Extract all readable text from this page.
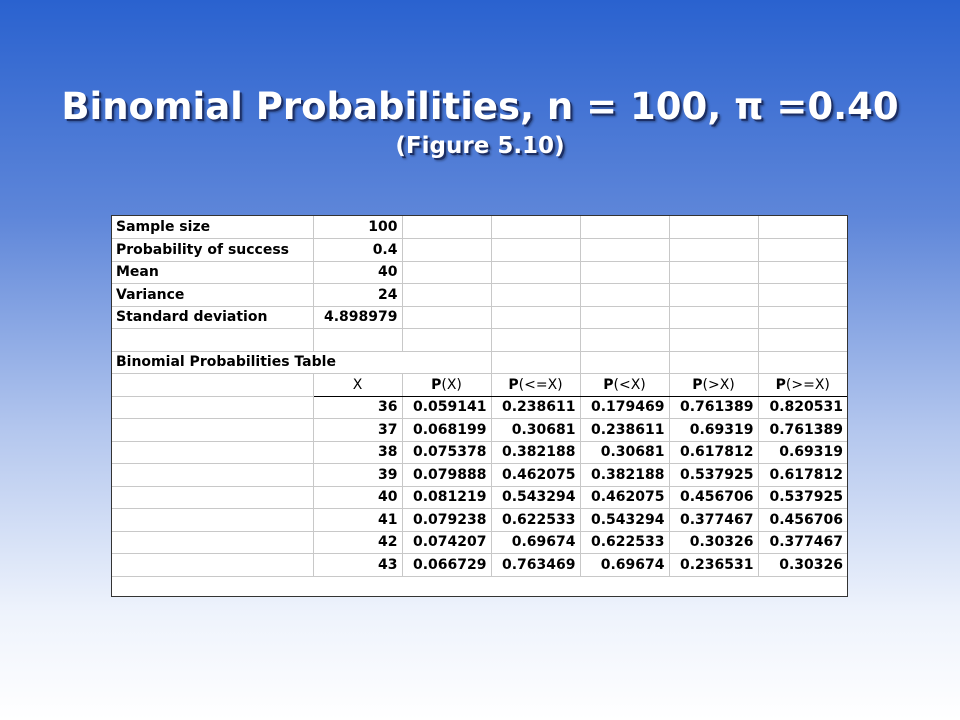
Binomial Probabilities, n = 100, π =0.40
(Figure 5.10)
Sample size	100					
Probability of success	0.4					
Mean	40					
Variance	24					
Standard deviation	4.898979					

Binomial Probabilities Table						
	X	P(X)	P(<=X)	P(<X)	P(>X)	P(>=X)
	36	0.059141	0.238611	0.179469	0.761389	0.820531
	37	0.068199	0.30681	0.238611	0.69319	0.761389
	38	0.075378	0.382188	0.30681	0.617812	0.69319
	39	0.079888	0.462075	0.382188	0.537925	0.617812
	40	0.081219	0.543294	0.462075	0.456706	0.537925
	41	0.079238	0.622533	0.543294	0.377467	0.456706
	42	0.074207	0.69674	0.622533	0.30326	0.377467
	43	0.066729	0.763469	0.69674	0.236531	0.30326
